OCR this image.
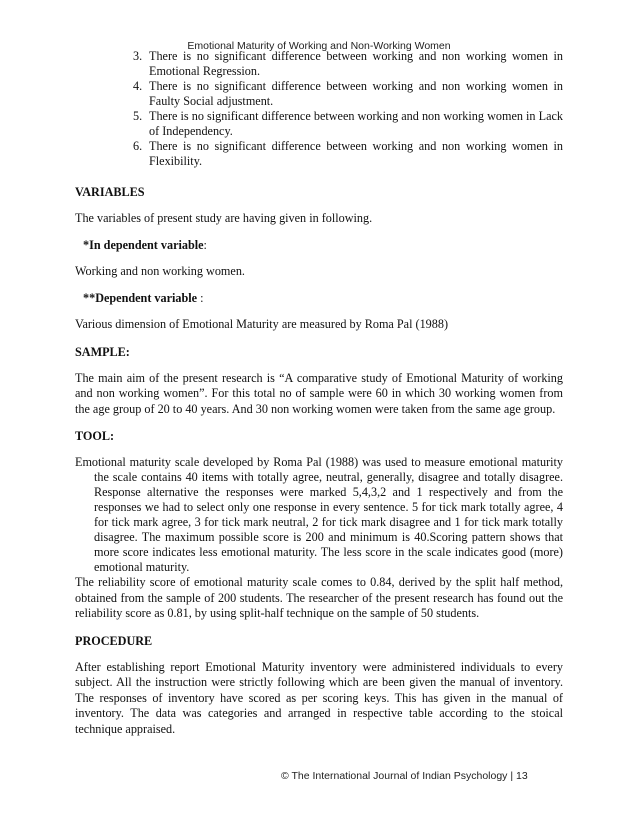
Emotional Maturity of Working and Non-Working Women
3. There is no significant difference between working and non working women in Emotional Regression.
4. There is no significant difference between working and non working women in Faulty Social adjustment.
5. There is no significant difference between working and non working women in Lack of Independency.
6. There is no significant difference between working and non working women in Flexibility.
VARIABLES

The variables of present study are having given in following.

*In dependent variable:

Working and non working women.

**Dependent variable :

Various dimension of Emotional Maturity are measured by Roma Pal (1988)

SAMPLE:

The main aim of the present research is “A comparative study of Emotional Maturity of working and non working women”. For this total no of sample were 60 in which 30 working women from the age group of 20 to 40 years. And 30 non working women were taken from the same age group.

TOOL:

Emotional maturity scale developed by Roma Pal (1988) was used to measure emotional maturity the scale contains 40 items with totally agree, neutral, generally, disagree and totally disagree. Response alternative the responses were marked 5,4,3,2 and 1 respectively and from the responses we had to select only one response in every sentence. 5 for tick mark totally agree, 4 for tick mark agree, 3 for tick mark neutral, 2 for tick mark disagree and 1 for tick mark totally disagree. The maximum possible score is 200 and minimum is 40.Scoring pattern shows that more score indicates less emotional maturity. The less score in the scale indicates good (more) emotional maturity.

The reliability score of emotional maturity scale comes to 0.84, derived by the split half method, obtained from the sample of 200 students. The researcher of the present research has found out the reliability score as 0.81, by using split-half technique on the sample of 50 students.

PROCEDURE

After establishing report Emotional Maturity inventory were administered individuals to every subject. All the instruction were strictly following which are been given the manual of inventory. The responses of inventory have scored as per scoring keys. This has given in the manual of inventory. The data was categories and arranged in respective table according to the stoical technique appraised.

© The International Journal of Indian Psychology | 13
